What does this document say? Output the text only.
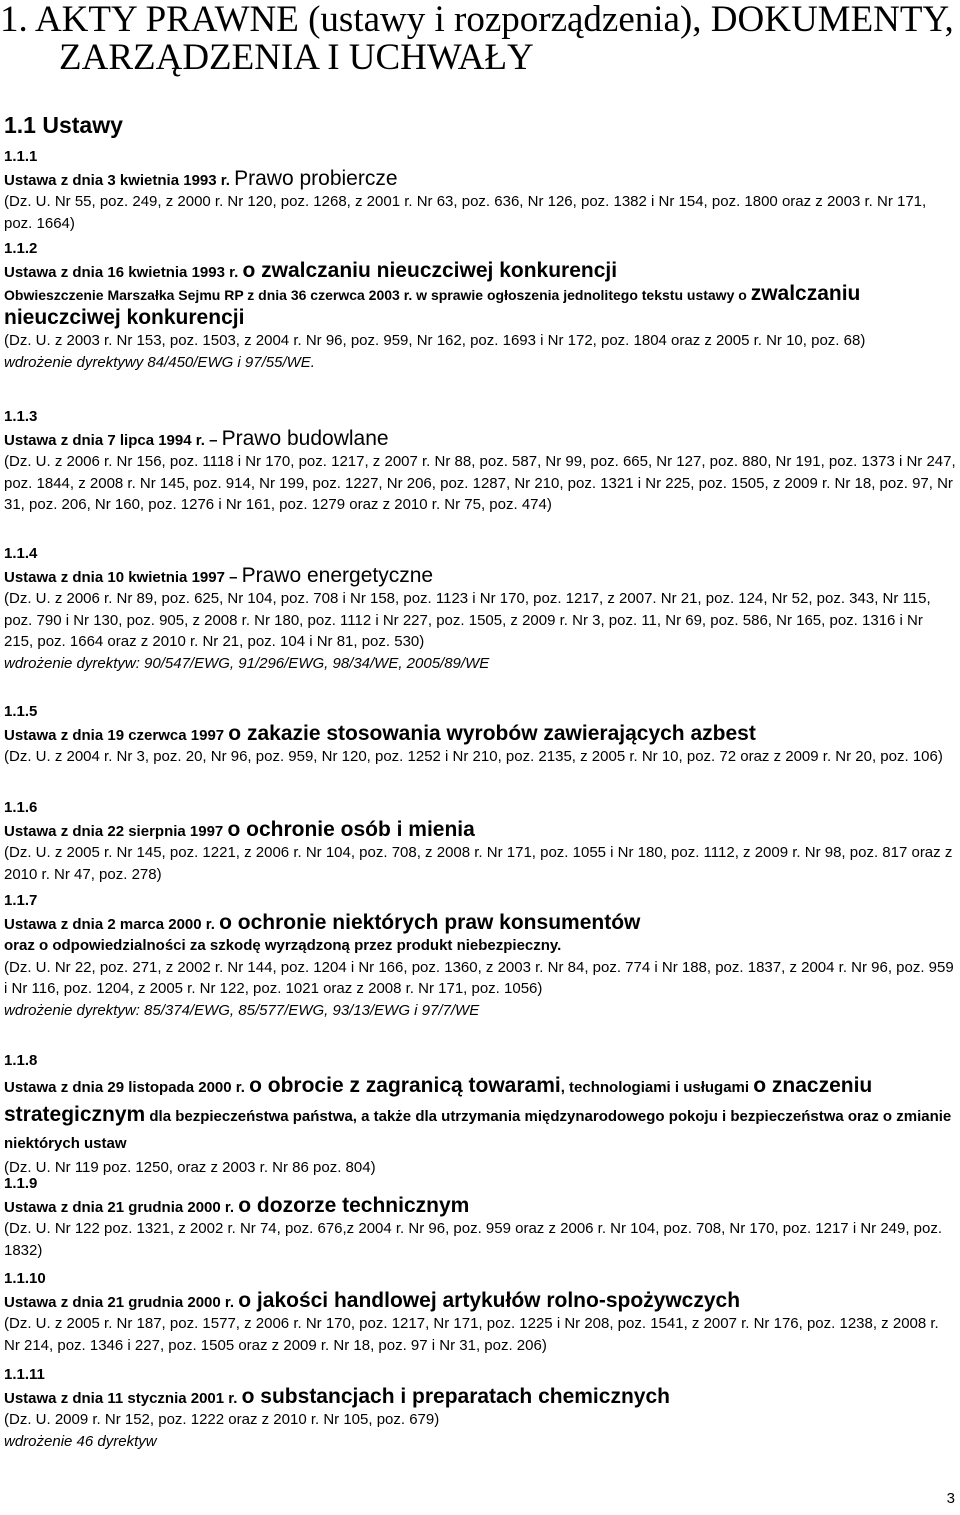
1. AKTY PRAWNE (ustawy i rozporządzenia), DOKUMENTY,
ZARZĄDZENIA I UCHWAŁY
1.1 Ustawy

1.1.1

Ustawa z dnia 3 kwietnia 1993 r. Prawo probiercze

(Dz. U. Nr 55, poz. 249, z 2000 r. Nr 120, poz. 1268, z 2001 r. Nr 63, poz. 636, Nr 126, poz. 1382 i Nr 154, poz. 1800 oraz z 2003 r. Nr 171, poz. 1664)

1.1.2

Ustawa z dnia 16 kwietnia 1993 r. o zwalczaniu nieuczciwej konkurencji

Obwieszczenie Marszałka Sejmu RP z dnia 36 czerwca 2003 r. w sprawie ogłoszenia jednolitego tekstu ustawy o zwalczaniu nieuczciwej konkurencji

(Dz. U. z 2003 r. Nr 153, poz. 1503, z 2004 r. Nr 96, poz. 959, Nr 162, poz. 1693 i Nr 172, poz. 1804 oraz z 2005 r. Nr 10, poz. 68)

wdrożenie dyrektywy 84/450/EWG i 97/55/WE.

1.1.3

Ustawa z dnia 7 lipca 1994 r. – Prawo budowlane

(Dz. U. z 2006 r. Nr 156, poz. 1118 i Nr 170, poz. 1217, z 2007 r. Nr 88, poz. 587, Nr 99, poz. 665, Nr 127, poz. 880, Nr 191, poz. 1373 i Nr 247, poz. 1844, z 2008 r. Nr 145, poz. 914, Nr 199, poz. 1227, Nr 206, poz. 1287, Nr 210, poz. 1321 i Nr 225, poz. 1505, z 2009 r. Nr 18, poz. 97, Nr 31, poz. 206, Nr 160, poz. 1276 i Nr 161, poz. 1279 oraz z 2010 r. Nr 75, poz. 474)

1.1.4

Ustawa z dnia 10 kwietnia 1997 – Prawo energetyczne

(Dz. U. z 2006 r. Nr 89, poz. 625, Nr 104, poz. 708 i Nr 158, poz. 1123 i Nr 170, poz. 1217, z 2007. Nr 21, poz. 124, Nr 52, poz. 343, Nr 115, poz. 790 i Nr 130, poz. 905, z 2008 r. Nr 180, poz. 1112 i Nr 227, poz. 1505, z 2009 r. Nr 3, poz. 11, Nr 69, poz. 586, Nr 165, poz. 1316 i Nr 215, poz. 1664 oraz z 2010 r. Nr 21, poz. 104 i Nr 81, poz. 530)

wdrożenie dyrektyw: 90/547/EWG, 91/296/EWG, 98/34/WE, 2005/89/WE

1.1.5

Ustawa z dnia 19 czerwca 1997 o zakazie stosowania wyrobów zawierających azbest

(Dz. U. z 2004 r. Nr 3, poz. 20, Nr 96, poz. 959, Nr 120, poz. 1252 i Nr 210, poz. 2135, z 2005 r. Nr 10, poz. 72 oraz z 2009 r. Nr 20, poz. 106)

1.1.6

Ustawa z dnia 22 sierpnia 1997 o ochronie osób i mienia

(Dz. U. z 2005 r. Nr 145, poz. 1221, z 2006 r. Nr 104, poz. 708, z 2008 r. Nr 171, poz. 1055 i Nr 180, poz. 1112, z 2009 r. Nr 98, poz. 817 oraz z 2010 r. Nr 47, poz. 278)

1.1.7

Ustawa z dnia 2 marca 2000 r. o ochronie niektórych praw konsumentów

oraz o odpowiedzialności za szkodę wyrządzoną przez produkt niebezpieczny.

(Dz. U. Nr 22, poz. 271, z 2002 r. Nr 144, poz. 1204 i Nr 166, poz. 1360, z 2003 r. Nr 84, poz. 774 i Nr 188, poz. 1837, z 2004 r. Nr 96, poz. 959 i Nr 116, poz. 1204, z 2005 r. Nr 122, poz. 1021 oraz z 2008 r. Nr 171, poz. 1056)

wdrożenie dyrektyw: 85/374/EWG, 85/577/EWG, 93/13/EWG i 97/7/WE

1.1.8

Ustawa z dnia 29 listopada 2000 r. o obrocie z zagranicą towarami, technologiami i usługami o znaczeniu strategicznym dla bezpieczeństwa państwa, a także dla utrzymania międzynarodowego pokoju i bezpieczeństwa oraz o zmianie niektórych ustaw

(Dz. U. Nr 119 poz. 1250, oraz z 2003 r. Nr 86 poz. 804)

1.1.9

Ustawa z dnia 21 grudnia 2000 r. o dozorze technicznym

(Dz. U. Nr 122 poz. 1321, z 2002 r. Nr 74, poz. 676,z 2004 r. Nr 96, poz. 959 oraz z 2006 r. Nr 104, poz. 708, Nr 170, poz. 1217 i Nr 249, poz. 1832)

1.1.10

Ustawa z dnia 21 grudnia 2000 r. o jakości handlowej artykułów rolno-spożywczych

(Dz. U. z 2005 r. Nr 187, poz. 1577, z 2006 r. Nr 170, poz. 1217, Nr 171, poz. 1225 i Nr 208, poz. 1541, z 2007 r. Nr 176, poz. 1238, z 2008 r. Nr 214, poz. 1346 i 227, poz. 1505 oraz z 2009 r. Nr 18, poz. 97 i Nr 31, poz. 206)

1.1.11

Ustawa z dnia 11 stycznia 2001 r. o substancjach i preparatach chemicznych

(Dz. U. 2009 r. Nr 152, poz. 1222 oraz z 2010 r. Nr 105, poz. 679)

wdrożenie 46 dyrektyw

3
